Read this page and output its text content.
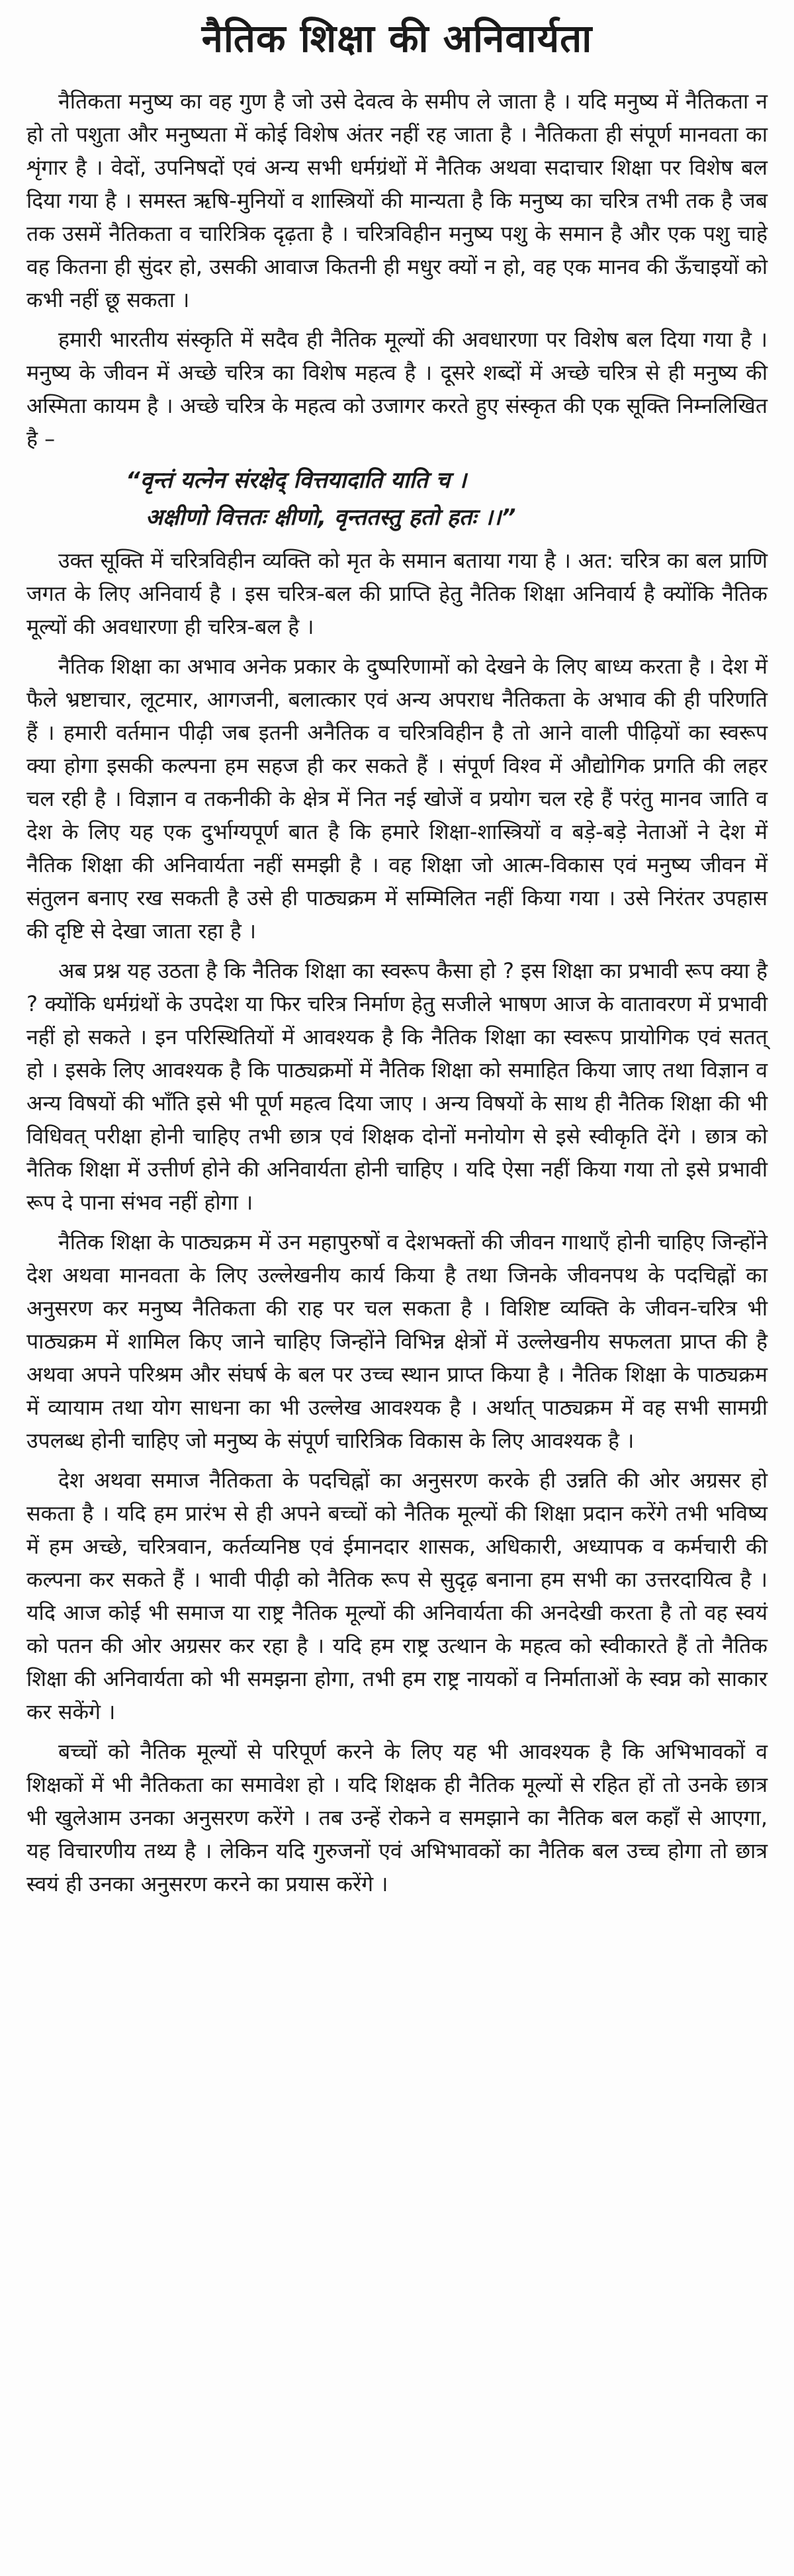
नैतिक शिक्षा की अनिवार्यता

नैतिकता मनुष्य का वह गुण है जो उसे देवत्व के समीप ले जाता है । यदि मनुष्य में नैतिकता न हो तो पशुता और मनुष्यता में कोई विशेष अंतर नहीं रह जाता है । नैतिकता ही संपूर्ण मानवता का शृंगार है । वेदों, उपनिषदों एवं अन्य सभी धर्मग्रंथों में नैतिक अथवा सदाचार शिक्षा पर विशेष बल दिया गया है । समस्त ऋषि-मुनियों व शास्त्रियों की मान्यता है कि मनुष्य का चरित्र तभी तक है जब तक उसमें नैतिकता व चारित्रिक दृढ़ता है । चरित्रविहीन मनुष्य पशु के समान है और एक पशु चाहे वह कितना ही सुंदर हो, उसकी आवाज कितनी ही मधुर क्यों न हो, वह एक मानव की ऊँचाइयों को कभी नहीं छू सकता ।

हमारी भारतीय संस्कृति में सदैव ही नैतिक मूल्यों की अवधारणा पर विशेष बल दिया गया है । मनुष्य के जीवन में अच्छे चरित्र का विशेष महत्व है । दूसरे शब्दों में अच्छे चरित्र से ही मनुष्य की अस्मिता कायम है । अच्छे चरित्र के महत्व को उजागर करते हुए संस्कृत की एक सूक्ति निम्नलिखित है –

“वृन्तं यत्नेन संरक्षेद् वित्तयादाति याति च ।

अक्षीणो वित्ततः क्षीणो, वृन्ततस्तु हतो हतः ।।”

उक्त सूक्ति में चरित्रविहीन व्यक्ति को मृत के समान बताया गया है । अत: चरित्र का बल प्राणि जगत के लिए अनिवार्य है । इस चरित्र-बल की प्राप्ति हेतु नैतिक शिक्षा अनिवार्य है क्योंकि नैतिक मूल्यों की अवधारणा ही चरित्र-बल है ।

नैतिक शिक्षा का अभाव अनेक प्रकार के दुष्परिणामों को देखने के लिए बाध्य करता है । देश में फैले भ्रष्टाचार, लूटमार, आगजनी, बलात्कार एवं अन्य अपराध नैतिकता के अभाव की ही परिणति हैं । हमारी वर्तमान पीढ़ी जब इतनी अनैतिक व चरित्रविहीन है तो आने वाली पीढ़ियों का स्वरूप क्या होगा इसकी कल्पना हम सहज ही कर सकते हैं । संपूर्ण विश्व में औद्योगिक प्रगति की लहर चल रही है । विज्ञान व तकनीकी के क्षेत्र में नित नई खोजें व प्रयोग चल रहे हैं परंतु मानव जाति व देश के लिए यह एक दुर्भाग्यपूर्ण बात है कि हमारे शिक्षा-शास्त्रियों व बड़े-बड़े नेताओं ने देश में नैतिक शिक्षा की अनिवार्यता नहीं समझी है । वह शिक्षा जो आत्म-विकास एवं मनुष्य जीवन में संतुलन बनाए रख सकती है उसे ही पाठ्यक्रम में सम्मिलित नहीं किया गया । उसे निरंतर उपहास की दृष्टि से देखा जाता रहा है ।

अब प्रश्न यह उठता है कि नैतिक शिक्षा का स्वरूप कैसा हो ? इस शिक्षा का प्रभावी रूप क्या है ? क्योंकि धर्मग्रंथों के उपदेश या फिर चरित्र निर्माण हेतु सजीले भाषण आज के वातावरण में प्रभावी नहीं हो सकते । इन परिस्थितियों में आवश्यक है कि नैतिक शिक्षा का स्वरूप प्रायोगिक एवं सतत् हो । इसके लिए आवश्यक है कि पाठ्यक्रमों में नैतिक शिक्षा को समाहित किया जाए तथा विज्ञान व अन्य विषयों की भाँति इसे भी पूर्ण महत्व दिया जाए । अन्य विषयों के साथ ही नैतिक शिक्षा की भी विधिवत् परीक्षा होनी चाहिए तभी छात्र एवं शिक्षक दोनों मनोयोग से इसे स्वीकृति देंगे । छात्र को नैतिक शिक्षा में उत्तीर्ण होने की अनिवार्यता होनी चाहिए । यदि ऐसा नहीं किया गया तो इसे प्रभावी रूप दे पाना संभव नहीं होगा ।

नैतिक शिक्षा के पाठ्यक्रम में उन महापुरुषों व देशभक्तों की जीवन गाथाएँ होनी चाहिए जिन्होंने देश अथवा मानवता के लिए उल्लेखनीय कार्य किया है तथा जिनके जीवनपथ के पदचिह्नों का अनुसरण कर मनुष्य नैतिकता की राह पर चल सकता है । विशिष्ट व्यक्ति के जीवन-चरित्र भी पाठ्यक्रम में शामिल किए जाने चाहिए जिन्होंने विभिन्न क्षेत्रों में उल्लेखनीय सफलता प्राप्त की है अथवा अपने परिश्रम और संघर्ष के बल पर उच्च स्थान प्राप्त किया है । नैतिक शिक्षा के पाठ्यक्रम में व्यायाम तथा योग साधना का भी उल्लेख आवश्यक है । अर्थात् पाठ्यक्रम में वह सभी सामग्री उपलब्ध होनी चाहिए जो मनुष्य के संपूर्ण चारित्रिक विकास के लिए आवश्यक है ।

देश अथवा समाज नैतिकता के पदचिह्नों का अनुसरण करके ही उन्नति की ओर अग्रसर हो सकता है । यदि हम प्रारंभ से ही अपने बच्चों को नैतिक मूल्यों की शिक्षा प्रदान करेंगे तभी भविष्य में हम अच्छे, चरित्रवान, कर्तव्यनिष्ठ एवं ईमानदार शासक, अधिकारी, अध्यापक व कर्मचारी की कल्पना कर सकते हैं । भावी पीढ़ी को नैतिक रूप से सुदृढ़ बनाना हम सभी का उत्तरदायित्व है । यदि आज कोई भी समाज या राष्ट्र नैतिक मूल्यों की अनिवार्यता की अनदेखी करता है तो वह स्वयं को पतन की ओर अग्रसर कर रहा है । यदि हम राष्ट्र उत्थान के महत्व को स्वीकारते हैं तो नैतिक शिक्षा की अनिवार्यता को भी समझना होगा, तभी हम राष्ट्र नायकों व निर्माताओं के स्वप्न को साकार कर सकेंगे ।

बच्चों को नैतिक मूल्यों से परिपूर्ण करने के लिए यह भी आवश्यक है कि अभिभावकों व शिक्षकों में भी नैतिकता का समावेश हो । यदि शिक्षक ही नैतिक मूल्यों से रहित हों तो उनके छात्र भी खुलेआम उनका अनुसरण करेंगे । तब उन्हें रोकने व समझाने का नैतिक बल कहाँ से आएगा, यह विचारणीय तथ्य है । लेकिन यदि गुरुजनों एवं अभिभावकों का नैतिक बल उच्च होगा तो छात्र स्वयं ही उनका अनुसरण करने का प्रयास करेंगे ।
